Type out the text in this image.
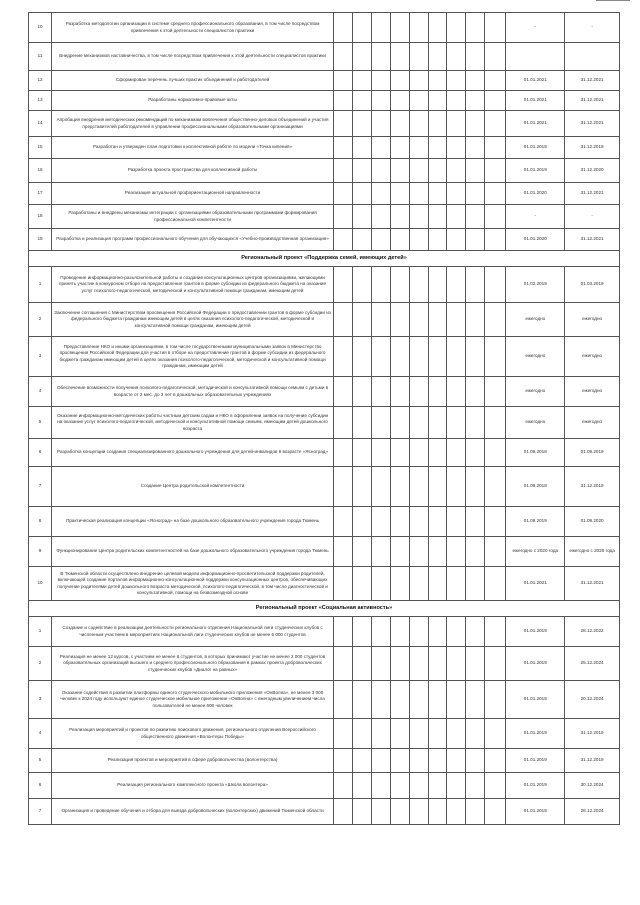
10	Разработка методологии организации в системе среднего профессионального образования, в том числе посредством привлечения к этой деятельности специалистов практики										-	-
11	Внедрение механизмов наставничества, в том числе посредством привлечения к этой деятельности специалистов практики											
12	Сформирован перечень лучших практик объединений и работодателей										01.01.2021	31.12.2021
13	Разработаны нормативно-правовые акты										01.01.2021	31.12.2021
14	Апробация внедрения методических рекомендаций по механизмам вовлечения общественно-деловых объединений и участия представителей работодателей в управлении профессиональными образовательными организациями										01.01.2021	31.12.2021
15	Разработан и утвержден план подготовки к коллективной работе по модели «Точка кипения»										01.01.2019	31.12.2019
16	Разработка проекта пространства для коллективной работы										01.01.2019	31.12.2020
17	Реализация актуальной профориентационной направленности										01.01.2020	31.12.2021
18	Разработаны и внедрены механизмы интеграции с организациями образовательными программами формирования профессиональной компетентности										-	-
19	Разработка и реализация программ профессионального обучения для обучающихся «Учебно-производственная организация»										01.01.2020	31.12.2021
Региональный проект «Поддержка семей, имеющих детей»												
1	Проведение информационно-разъяснительной работы и создание консультационных центров организациями, желающими принять участие в конкурсном отборе на предоставление грантов в форме субсидии из федерального бюджета на оказание услуг психолого-педагогической, методической и консультативной помощи гражданам, имеющим детей										01.02.2019	01.03.2019
2	Заключение соглашения с Министерством просвещения Российской Федерации о предоставлении грантов в форме субсидии из федерального бюджета гражданам имеющим детей в целях оказания психолого-педагогической, методической и консультативной помощи гражданам, имеющим детей										ежегодно	ежегодно
3	Предоставление НКО и иными организациями, в том числе государственными муниципальными заявок в Министерство просвещения Российской Федерации для участия в отборе на предоставление грантов в форме субсидии из федерального бюджета гражданам имеющим детей в целях оказания психолого-педагогической, методической и консультативной помощи гражданам, имеющим детей										ежегодно	ежегодно
4	Обеспечение возможности получения психолого-педагогической, методической и консультативной помощи семьям с детьми в возрасте от 2 мес. до 3 лет в дошкольных образовательных учреждениях										ежегодно	ежегодно
5	Оказание информационно-методических работы частным детским садам и НКО в оформлении заявок на получение субсидии на оказание услуг психолого-педагогической, методической и консультативной помощи семьям, имеющим детей дошкольного возраста										ежегодно	ежегодно
6	Разработка концепции создания специализированного дошкольного учреждения для детей-инвалидов в возрасте «Ясноград»										01.09.2018	01.09.2019
7	Создание Центра родительской компетентности										01.09.2018	31.12.2019
8	Практическая реализация концепции «Ясноград» на базе дошкольного образовательного учреждения города Тюмень										01.09.2019	01.09.2020
9	Функционирование Центра родительских компетентностей на базе дошкольного образовательного учреждения города Тюмень										ежегодно с 2020 года	ежегодно с 2020 года
10	В Тюменской области осуществлено внедрение целевой модели информационно-просветительской поддержки родителей, включающей создание порталов информационно-консультационной поддержки консультационных центров, обеспечивающих получение родителями детей дошкольного возраста методической, психолого-педагогической, в том числе диагностической и консультативной, помощи на безвозмездной основе										01.01.2021	31.12.2021
Региональный проект «Социальная активность»												
1	Создание и содействие в реализации деятельности регионального отделения Национальной лиги студенческих клубов с численным участием в мероприятиях Национальной лиги студенческих клубов не менее 6 000 студентов										01.01.2019	28.12.2022
2	Реализация не менее 12 курсов, с участием не менее 6 студентов, в которых принимают участие не менее 2 000 студентов образовательных организаций высшего и среднего профессионального образования в рамках проекта добровольческих студенческих клубов «Диалог на равных»										01.01.2019	25.12.2024
3	Оказание содействия в развитии платформы единого студенческого мобильного приложения «ОнВолна», не менее 3 000 человек к 2024 году используют единое студенческое мобильное приложение «ОнВолна» с ежегодным увеличением числа пользователей не менее 600 человек										01.01.2019	20.12.2024
4	Реализация мероприятий и проектов по развитию поискового движения, регионального отделения Всероссийского общественного движения «Волонтеры Победы»										01.01.2019	31.12.2019
5	Реализация проектов и мероприятий в сфере добровольчества (волонтерства)										01.01.2019	31.12.2019
6	Реализация регионального комплексного проекта «Школа волонтера»										01.01.2019	30.12.2024
7	Организация и проведение обучения и отбора для выезда добровольческих (волонтерских) движений Тюменской области										01.01.2019	28.12.2024
